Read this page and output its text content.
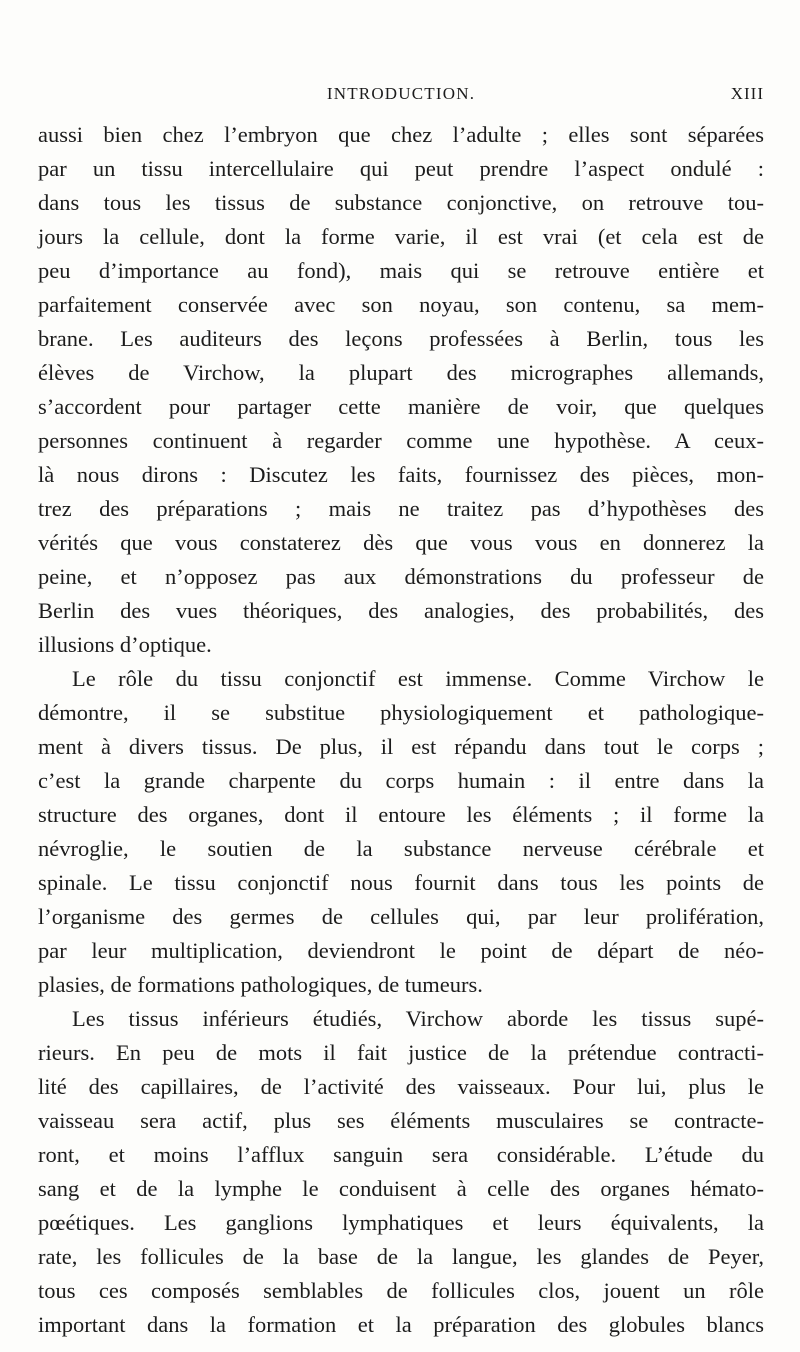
INTRODUCTION.	XIII
aussi bien chez l’embryon que chez l’adulte ; elles sont séparées
par un tissu intercellulaire qui peut prendre l’aspect ondulé :
dans tous les tissus de substance conjonctive, on retrouve tou-
jours la cellule, dont la forme varie, il est vrai (et cela est de
peu d’importance au fond), mais qui se retrouve entière et
parfaitement conservée avec son noyau, son contenu, sa mem-
brane. Les auditeurs des leçons professées à Berlin, tous les
élèves de Virchow, la plupart des micrographes allemands,
s’accordent pour partager cette manière de voir, que quelques
personnes continuent à regarder comme une hypothèse. A ceux-
là nous dirons : Discutez les faits, fournissez des pièces, mon-
trez des préparations ; mais ne traitez pas d’hypothèses des
vérités que vous constaterez dès que vous vous en donnerez la
peine, et n’opposez pas aux démonstrations du professeur de
Berlin des vues théoriques, des analogies, des probabilités, des
illusions d’optique.
Le rôle du tissu conjonctif est immense. Comme Virchow le
démontre, il se substitue physiologiquement et pathologique-
ment à divers tissus. De plus, il est répandu dans tout le corps ;
c’est la grande charpente du corps humain : il entre dans la
structure des organes, dont il entoure les éléments ; il forme la
névroglie, le soutien de la substance nerveuse cérébrale et
spinale. Le tissu conjonctif nous fournit dans tous les points de
l’organisme des germes de cellules qui, par leur prolifération,
par leur multiplication, deviendront le point de départ de néo-
plasies, de formations pathologiques, de tumeurs.
Les tissus inférieurs étudiés, Virchow aborde les tissus supé-
rieurs. En peu de mots il fait justice de la prétendue contracti-
lité des capillaires, de l’activité des vaisseaux. Pour lui, plus le
vaisseau sera actif, plus ses éléments musculaires se contracte-
ront, et moins l’afflux sanguin sera considérable. L’étude du
sang et de la lymphe le conduisent à celle des organes hémato-
pœétiques. Les ganglions lymphatiques et leurs équivalents, la
rate, les follicules de la base de la langue, les glandes de Peyer,
tous ces composés semblables de follicules clos, jouent un rôle
important dans la formation et la préparation des globules blancs
